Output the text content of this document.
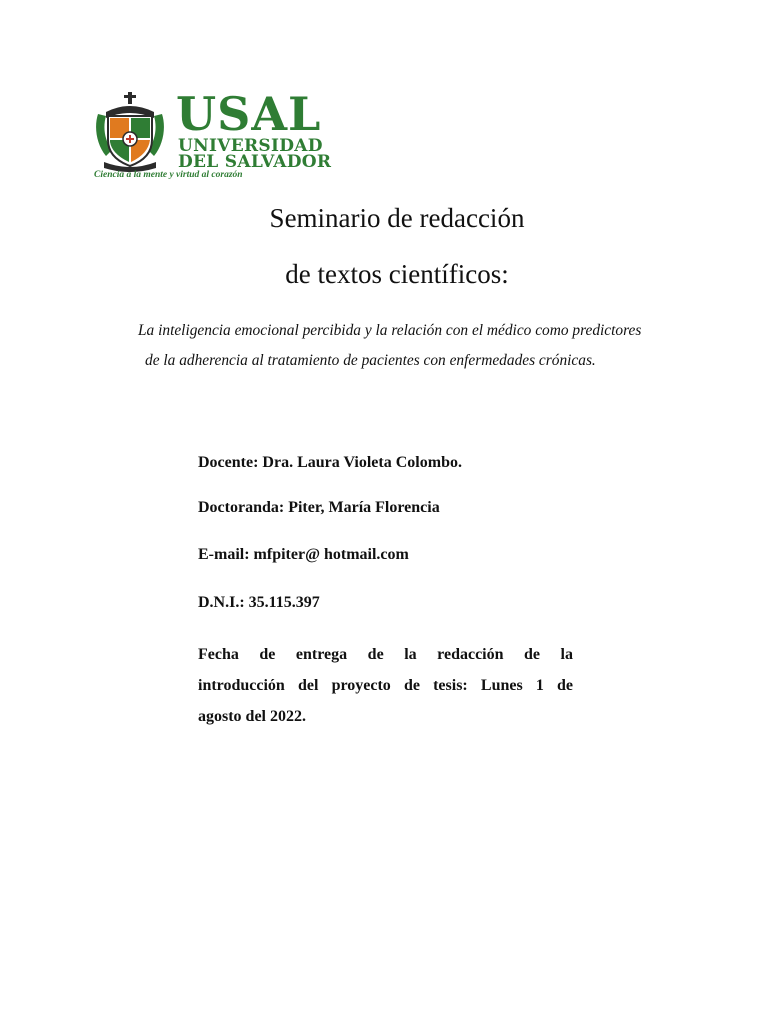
USAL
UNIVERSIDAD
DEL SALVADOR
Ciencia a la mente y virtud al corazón
Seminario de redacción
de textos científicos:
La inteligencia emocional percibida y la relación con el médico como predictores
de la adherencia al tratamiento de pacientes con enfermedades crónicas.
Docente: Dra. Laura Violeta Colombo.
Doctoranda: Piter, María Florencia
E-mail: mfpiter@ hotmail.com
D.N.I.: 35.115.397
Fecha de entrega de la redacción de la
introducción del proyecto de tesis: Lunes 1 de
agosto del 2022.
